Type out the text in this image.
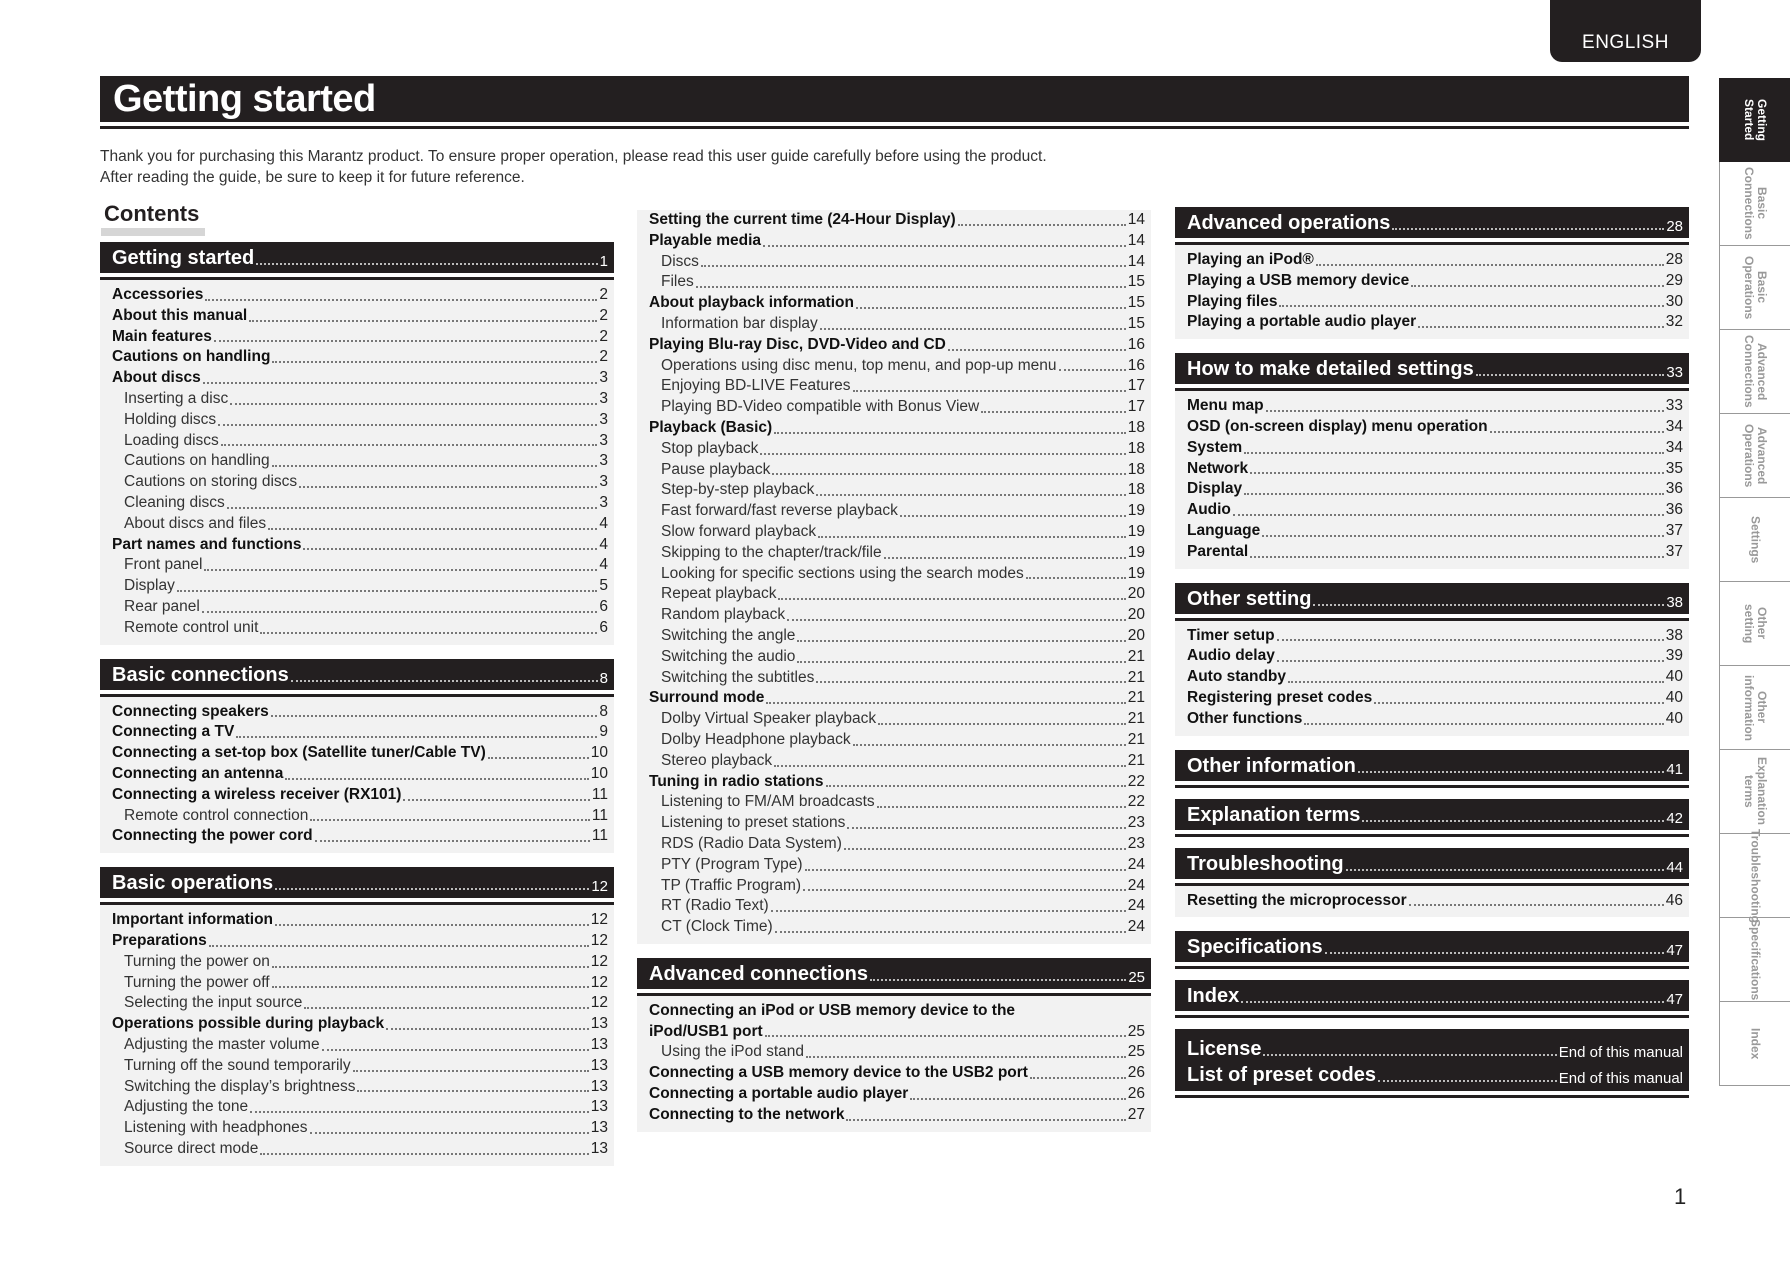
ENGLISH
Getting started
Thank you for purchasing this Marantz product. To ensure proper operation, please read this user guide carefully before using the product.
After reading the guide, be sure to keep it for future reference.
Contents
Getting started	1
Accessories	2
About this manual	2
Main features	2
Cautions on handling	2
About discs	3
Inserting a disc	3
Holding discs	3
Loading discs	3
Cautions on handling	3
Cautions on storing discs	3
Cleaning discs	3
About discs and files	4
Part names and functions	4
Front panel	4
Display	5
Rear panel	6
Remote control unit	6
Basic connections	8
Connecting speakers	8
Connecting a TV	9
Connecting a set-top box (Satellite tuner/Cable TV)	10
Connecting an antenna	10
Connecting a wireless receiver (RX101)	11
Remote control connection	11
Connecting the power cord	11
Basic operations	12
Important information	12
Preparations	12
Turning the power on	12
Turning the power off	12
Selecting the input source	12
Operations possible during playback	13
Adjusting the master volume	13
Turning off the sound temporarily	13
Switching the display’s brightness	13
Adjusting the tone	13
Listening with headphones	13
Source direct mode	13
Setting the current time (24-Hour Display)	14
Playable media	14
Discs	14
Files	15
About playback information	15
Information bar display	15
Playing Blu-ray Disc, DVD-Video and CD	16
Operations using disc menu, top menu, and pop-up menu	16
Enjoying BD-LIVE Features	17
Playing BD-Video compatible with Bonus View	17
Playback (Basic)	18
Stop playback	18
Pause playback	18
Step-by-step playback	18
Fast forward/fast reverse playback	19
Slow forward playback	19
Skipping to the chapter/track/file	19
Looking for specific sections using the search modes	19
Repeat playback	20
Random playback	20
Switching the angle	20
Switching the audio	21
Switching the subtitles	21
Surround mode	21
Dolby Virtual Speaker playback	21
Dolby Headphone playback	21
Stereo playback	21
Tuning in radio stations	22
Listening to FM/AM broadcasts	22
Listening to preset stations	23
RDS (Radio Data System)	23
PTY (Program Type)	24
TP (Traffic Program)	24
RT (Radio Text)	24
CT (Clock Time)	24
Advanced connections	25
Connecting an iPod or USB memory device to the
iPod/USB1 port	25
Using the iPod stand	25
Connecting a USB memory device to the USB2 port	26
Connecting a portable audio player	26
Connecting to the network	27
Advanced operations	28
Playing an iPod®	28
Playing a USB memory device	29
Playing files	30
Playing a portable audio player	32
How to make detailed settings	33
Menu map	33
OSD (on-screen display) menu operation	34
System	34
Network	35
Display	36
Audio	36
Language	37
Parental	37
Other setting	38
Timer setup	38
Audio delay	39
Auto standby	40
Registering preset codes	40
Other functions	40
Other information	41
Explanation terms	42
Troubleshooting	44
Resetting the microprocessor	46
Specifications	47
Index	47
License	End of this manual
List of preset codes	End of this manual
Getting
Started
Basic
Connections
Basic
Operations
Advanced
Connections
Advanced
Operations
Settings
Other
setting
Other
information
Explanation
terms
Troubleshooting
Specifications
Index
1
